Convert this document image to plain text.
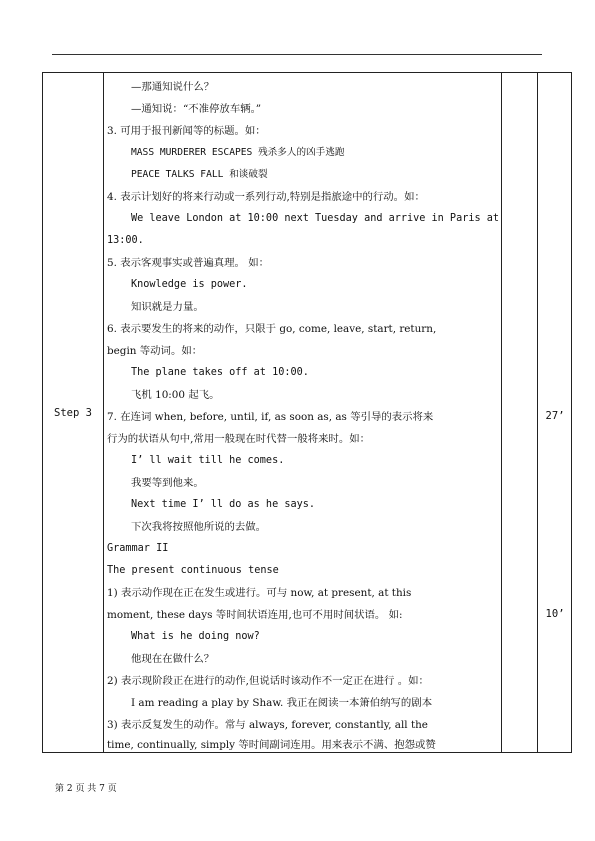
Step 3
—那通知说什么？
—通知说：“不准停放车辆。”
3. 可用于报刊新闻等的标题。如：
MASS MURDERER ESCAPES 残杀多人的凶手逃跑
PEACE TALKS FALL 和谈破裂
4. 表示计划好的将来行动或一系列行动,特别是指旅途中的行动。如：
We leave London at 10:00 next Tuesday and arrive in Paris at
13:00.
5. 表示客观事实或普遍真理。 如：
Knowledge is power.
知识就是力量。
6. 表示要发生的将来的动作，只限于 go, come, leave, start, return,
begin 等动词。如：
The plane takes off at 10:00.
飞机 10:00 起飞。
7. 在连词 when, before, until, if, as soon as, as 等引导的表示将来
行为的状语从句中,常用一般现在时代替一般将来时。如：
I’ ll wait till he comes.
我要等到他来。
Next time I’ ll do as he says.
下次我将按照他所说的去做。
Grammar II
The present continuous tense
1) 表示动作现在正在发生或进行。可与 now, at present, at this
moment, these days 等时间状语连用,也可不用时间状语。 如:
What is he doing now?
他现在在做什么？
2) 表示现阶段正在进行的动作,但说话时该动作不一定正在进行 。如：
I am reading a play by Shaw. 我正在阅读一本箫伯纳写的剧本
3) 表示反复发生的动作。常与 always, forever, constantly, all the
time, continually, simply 等时间副词连用。用来表示不满、抱怨或赞
27’
10’
第 2 页 共 7 页
